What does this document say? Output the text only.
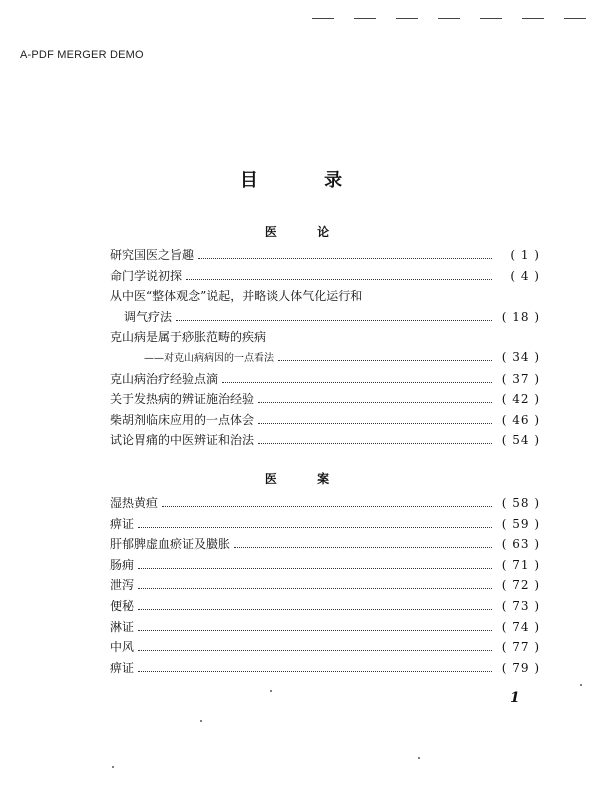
A-PDF MERGER DEMO
目 录
医 论
研究国医之旨趣	( 1 )
命门学说初探	( 4 )
从中医“整体观念”说起，并略谈人体气化运行和
调气疗法	( 18 )
克山病是属于痧胀范畴的疾病
——对克山病病因的一点看法	( 34 )
克山病治疗经验点滴	( 37 )
关于发热病的辨证施治经验	( 42 )
柴胡剂临床应用的一点体会	( 46 )
试论胃痛的中医辨证和治法	( 54 )
医 案
湿热黄疸	( 58 )
痹证	( 59 )
肝郁脾虚血瘀证及臌胀	( 63 )
肠痈	( 71 )
泄泻	( 72 )
便秘	( 73 )
淋证	( 74 )
中风	( 77 )
痹证	( 79 )
1
